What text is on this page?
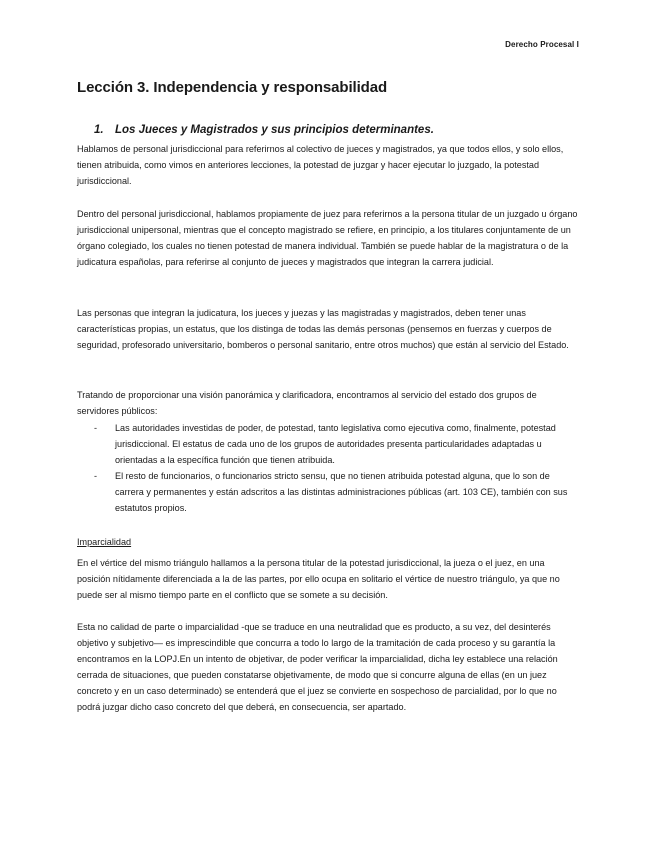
Derecho Procesal I
Lección 3. Independencia y responsabilidad
1. Los Jueces y Magistrados y sus principios determinantes.

Hablamos de personal jurisdiccional para referirnos al colectivo de jueces y magistrados, ya que todos ellos, y solo ellos, tienen atribuida, como vimos en anteriores lecciones, la potestad de juzgar y hacer ejecutar lo juzgado, la potestad jurisdiccional.

Dentro del personal jurisdiccional, hablamos propiamente de juez para referirnos a la persona titular de un juzgado u órgano jurisdiccional unipersonal, mientras que el concepto magistrado se refiere, en principio, a los titulares conjuntamente de un órgano colegiado, los cuales no tienen potestad de manera individual. También se puede hablar de la magistratura o de la judicatura españolas, para referirse al conjunto de jueces y magistrados que integran la carrera judicial.

Las personas que integran la judicatura, los jueces y juezas y las magistradas y magistrados, deben tener unas características propias, un estatus, que los distinga de todas las demás personas (pensemos en fuerzas y cuerpos de seguridad, profesorado universitario, bomberos o personal sanitario, entre otros muchos) que están al servicio del Estado.

Tratando de proporcionar una visión panorámica y clarificadora, encontramos al servicio del estado dos grupos de servidores públicos:

- Las autoridades investidas de poder, de potestad, tanto legislativa como ejecutiva como, finalmente, potestad jurisdiccional. El estatus de cada uno de los grupos de autoridades presenta particularidades adaptadas u orientadas a la específica función que tienen atribuida.
- El resto de funcionarios, o funcionarios stricto sensu, que no tienen atribuida potestad alguna, que lo son de carrera y permanentes y están adscritos a las distintas administraciones públicas (art. 103 CE), también con sus estatutos propios.
Imparcialidad

En el vértice del mismo triángulo hallamos a la persona titular de la potestad jurisdiccional, la jueza o el juez, en una posición nítidamente diferenciada a la de las partes, por ello ocupa en solitario el vértice de nuestro triángulo, ya que no puede ser al mismo tiempo parte en el conflicto que se somete a su decisión.

Esta no calidad de parte o imparcialidad -que se traduce en una neutralidad que es producto, a su vez, del desinterés objetivo y subjetivo— es imprescindible que concurra a todo lo largo de la tramitación de cada proceso y su garantía la encontramos en la LOPJ.En un intento de objetivar, de poder verificar la imparcialidad, dicha ley establece una relación cerrada de situaciones, que pueden constatarse objetivamente, de modo que si concurre alguna de ellas (en un juez concreto y en un caso determinado) se entenderá que el juez se convierte en sospechoso de parcialidad, por lo que no podrá juzgar dicho caso concreto del que deberá, en consecuencia, ser apartado.
